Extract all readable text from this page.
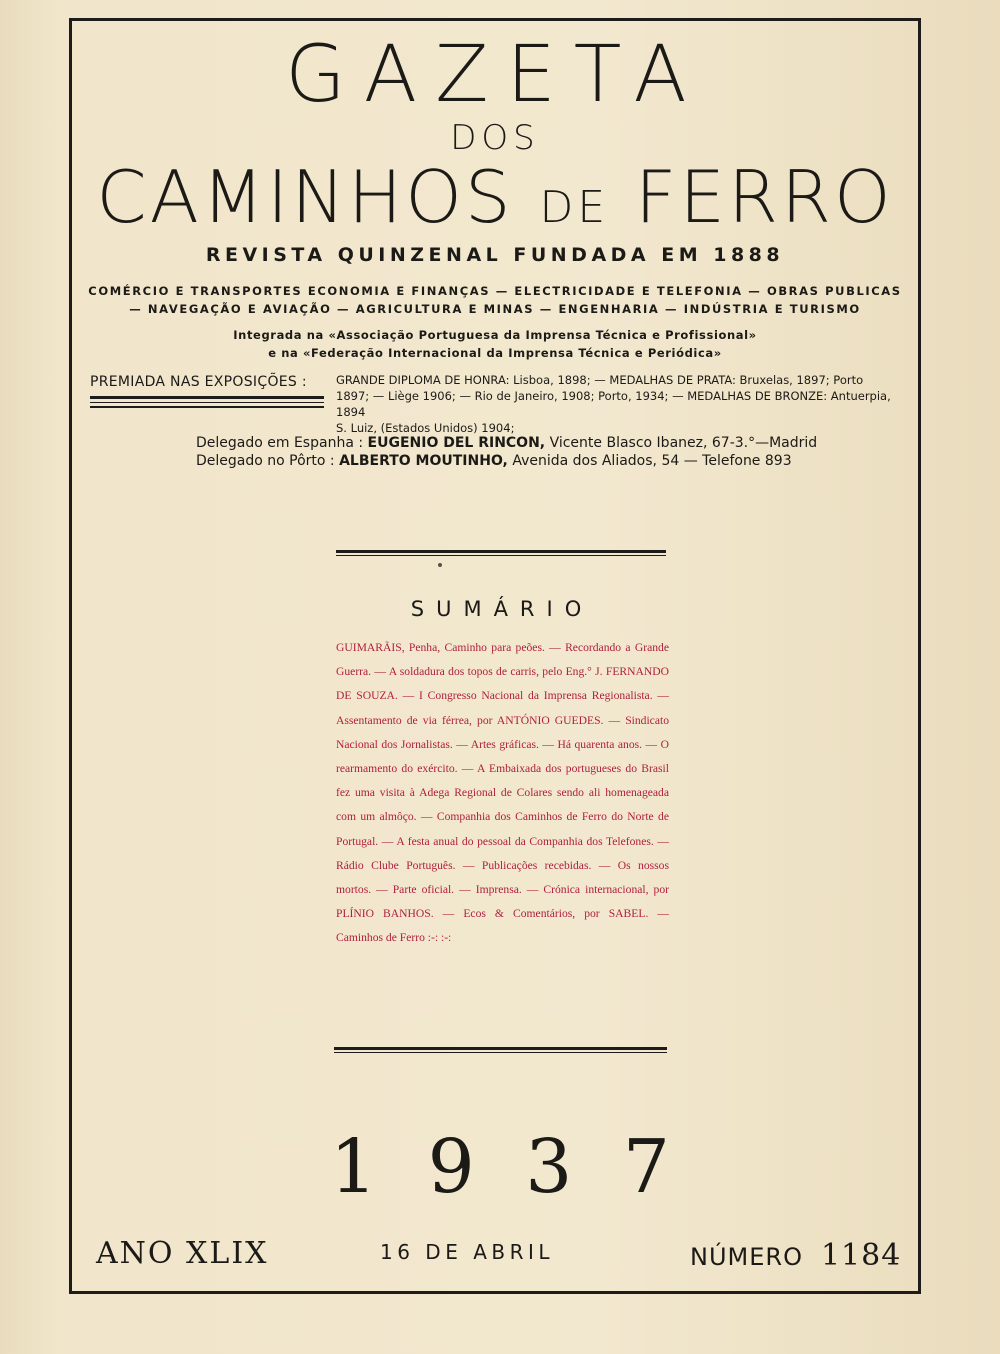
GAZETA
DOS
CAMINHOS DE FERRO
REVISTA QUINZENAL FUNDADA EM 1888
COMÉRCIO E TRANSPORTES ECONOMIA E FINANÇAS — ELECTRICIDADE E TELEFONIA — OBRAS PUBLICAS
— NAVEGAÇÃO E AVIAÇÃO — AGRICULTURA E MINAS — ENGENHARIA — INDÚSTRIA E TURISMO
Integrada na «Associação Portuguesa da Imprensa Técnica e Profissional»
e na «Federação Internacional da Imprensa Técnica e Periódica»
PREMIADA NAS EXPOSIÇÕES :	GRANDE DIPLOMA DE HONRA: Lisboa, 1898; — MEDALHAS DE PRATA: Bruxelas, 1897; Porto
1897; — Liège 1906; — Rio de Janeiro, 1908; Porto, 1934; — MEDALHAS DE BRONZE: Antuerpia, 1894
S. Luiz, (Estados Unidos) 1904;
Delegado em Espanha : EUGENIO DEL RINCON, Vicente Blasco Ibanez, 67-3.°—Madrid
Delegado no Pôrto : ALBERTO MOUTINHO, Avenida dos Aliados, 54 — Telefone 893
SUMÁRIO
GUIMARÃIS, Penha, Caminho para peões. — Recordando a Grande Guerra. — A soldadura dos topos de carris, pelo Eng.° J. FERNANDO DE SOUZA. — I Congresso Nacional da Imprensa Regionalista. — Assentamento de via férrea, por ANTÓNIO GUEDES. — Sindicato Nacional dos Jornalistas. — Artes gráficas. — Há quarenta anos. — O rearmamento do exército. — A Embaixada dos portugueses do Brasil fez uma visita à Adega Regional de Colares sendo ali homenageada com um almôço. — Companhia dos Caminhos de Ferro do Norte de Portugal. — A festa anual do pessoal da Companhia dos Telefones. — Rádio Clube Português. — Publicações recebidas. — Os nossos mortos. — Parte oficial. — Imprensa. — Crónica internacional, por PLÍNIO BANHOS. — Ecos & Comentários, por SABEL. — Caminhos de Ferro :-: :-:
1 9 3 7
ANO XLIX	16 DE ABRIL	NÚMERO 1184
